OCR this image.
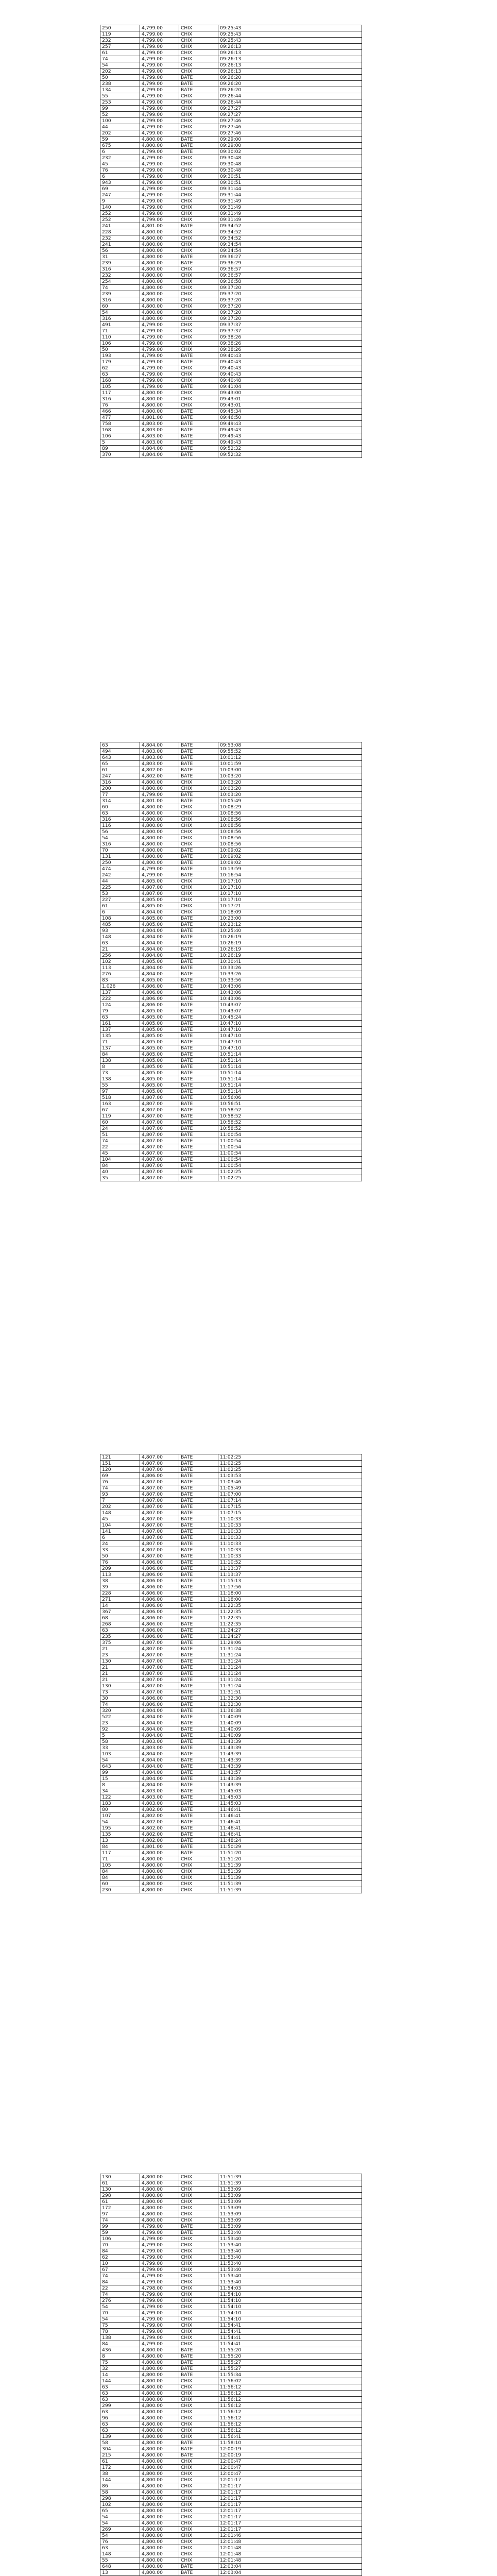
250	4,799.00	CHIX	09:25:43
119	4,799.00	CHIX	09:25:43
232	4,799.00	CHIX	09:25:43
257	4,799.00	CHIX	09:26:13
61	4,799.00	CHIX	09:26:13
74	4,799.00	CHIX	09:26:13
54	4,799.00	CHIX	09:26:13
202	4,799.00	CHIX	09:26:13
50	4,799.00	BATE	09:26:20
238	4,799.00	BATE	09:26:20
134	4,799.00	BATE	09:26:20
55	4,799.00	CHIX	09:26:44
253	4,799.00	CHIX	09:26:44
99	4,799.00	CHIX	09:27:27
52	4,799.00	CHIX	09:27:27
100	4,799.00	CHIX	09:27:46
44	4,799.00	CHIX	09:27:46
202	4,799.00	CHIX	09:27:46
59	4,800.00	BATE	09:29:00
675	4,800.00	BATE	09:29:00
6	4,799.00	BATE	09:30:02
232	4,799.00	CHIX	09:30:48
45	4,799.00	CHIX	09:30:48
76	4,799.00	CHIX	09:30:48
6	4,799.00	CHIX	09:30:51
943	4,799.00	CHIX	09:30:51
69	4,799.00	CHIX	09:31:44
247	4,799.00	CHIX	09:31:44
9	4,799.00	CHIX	09:31:49
140	4,799.00	CHIX	09:31:49
252	4,799.00	CHIX	09:31:49
252	4,799.00	CHIX	09:31:49
241	4,801.00	BATE	09:34:52
228	4,800.00	CHIX	09:34:52
232	4,800.00	CHIX	09:34:52
241	4,800.00	CHIX	09:34:54
56	4,800.00	CHIX	09:34:54
31	4,800.00	BATE	09:36:27
239	4,800.00	BATE	09:36:29
316	4,800.00	CHIX	09:36:57
232	4,800.00	CHIX	09:36:57
254	4,800.00	CHIX	09:36:58
74	4,800.00	CHIX	09:37:20
239	4,800.00	CHIX	09:37:20
316	4,800.00	CHIX	09:37:20
60	4,800.00	CHIX	09:37:20
54	4,800.00	CHIX	09:37:20
316	4,800.00	CHIX	09:37:20
491	4,799.00	CHIX	09:37:37
71	4,799.00	CHIX	09:37:37
110	4,799.00	CHIX	09:38:26
106	4,799.00	CHIX	09:38:26
50	4,799.00	CHIX	09:38:26
193	4,799.00	BATE	09:40:43
179	4,799.00	BATE	09:40:43
62	4,799.00	CHIX	09:40:43
63	4,799.00	CHIX	09:40:43
168	4,799.00	CHIX	09:40:48
105	4,799.00	BATE	09:41:04
117	4,800.00	CHIX	09:43:00
316	4,800.00	CHIX	09:43:01
76	4,800.00	CHIX	09:43:01
466	4,800.00	BATE	09:45:34
477	4,801.00	BATE	09:46:50
758	4,803.00	BATE	09:49:43
168	4,803.00	BATE	09:49:43
106	4,803.00	BATE	09:49:43
5	4,803.00	BATE	09:49:43
89	4,804.00	BATE	09:52:32
370	4,804.00	BATE	09:52:32
63	4,804.00	BATE	09:53:08
494	4,803.00	BATE	09:55:52
643	4,803.00	BATE	10:01:12
65	4,803.00	BATE	10:01:59
61	4,802.00	BATE	10:03:00
247	4,802.00	BATE	10:03:20
316	4,800.00	CHIX	10:03:20
200	4,800.00	CHIX	10:03:20
77	4,799.00	BATE	10:03:20
314	4,801.00	BATE	10:05:49
60	4,800.00	CHIX	10:08:29
63	4,800.00	CHIX	10:08:56
316	4,800.00	CHIX	10:08:56
116	4,800.00	CHIX	10:08:56
56	4,800.00	CHIX	10:08:56
54	4,800.00	CHIX	10:08:56
316	4,800.00	CHIX	10:08:56
70	4,800.00	BATE	10:09:02
131	4,800.00	BATE	10:09:02
250	4,800.00	BATE	10:09:02
474	4,799.00	BATE	10:13:59
242	4,799.00	BATE	10:16:54
44	4,805.00	CHIX	10:17:10
225	4,807.00	CHIX	10:17:10
53	4,807.00	CHIX	10:17:10
227	4,805.00	CHIX	10:17:10
61	4,805.00	CHIX	10:17:21
6	4,804.00	CHIX	10:18:09
108	4,805.00	BATE	10:23:00
485	4,805.00	BATE	10:23:12
93	4,804.00	BATE	10:25:40
148	4,804.00	BATE	10:26:19
63	4,804.00	BATE	10:26:19
21	4,804.00	BATE	10:26:19
256	4,804.00	BATE	10:26:19
102	4,805.00	BATE	10:30:41
113	4,804.00	BATE	10:33:26
276	4,804.00	BATE	10:33:26
83	4,805.00	BATE	10:33:56
1,026	4,806.00	BATE	10:43:06
137	4,806.00	BATE	10:43:06
222	4,806.00	BATE	10:43:06
124	4,806.00	BATE	10:43:07
79	4,805.00	BATE	10:43:07
63	4,805.00	BATE	10:45:24
161	4,805.00	BATE	10:47:10
137	4,805.00	BATE	10:47:10
135	4,805.00	BATE	10:47:10
71	4,805.00	BATE	10:47:10
137	4,805.00	BATE	10:47:10
84	4,805.00	BATE	10:51:14
138	4,805.00	BATE	10:51:14
8	4,805.00	BATE	10:51:14
73	4,805.00	BATE	10:51:14
138	4,805.00	BATE	10:51:14
55	4,805.00	BATE	10:51:14
97	4,805.00	BATE	10:51:14
518	4,807.00	BATE	10:56:06
163	4,807.00	BATE	10:56:51
67	4,807.00	BATE	10:58:52
119	4,807.00	BATE	10:58:52
60	4,807.00	BATE	10:58:52
24	4,807.00	BATE	10:58:52
51	4,807.00	BATE	11:00:54
74	4,807.00	BATE	11:00:54
22	4,807.00	BATE	11:00:54
45	4,807.00	BATE	11:00:54
104	4,807.00	BATE	11:00:54
84	4,807.00	BATE	11:00:54
40	4,807.00	BATE	11:02:25
35	4,807.00	BATE	11:02:25
121	4,807.00	BATE	11:02:25
151	4,807.00	BATE	11:02:25
120	4,807.00	BATE	11:02:25
69	4,806.00	BATE	11:03:53
76	4,807.00	BATE	11:03:46
74	4,807.00	BATE	11:05:49
93	4,807.00	BATE	11:07:00
7	4,807.00	BATE	11:07:14
202	4,807.00	BATE	11:07:15
148	4,807.00	BATE	11:07:15
45	4,807.00	BATE	11:10:33
104	4,807.00	BATE	11:10:33
141	4,807.00	BATE	11:10:33
6	4,807.00	BATE	11:10:33
24	4,807.00	BATE	11:10:33
33	4,807.00	BATE	11:10:33
50	4,807.00	BATE	11:10:33
76	4,806.00	BATE	11:10:52
209	4,806.00	BATE	11:13:37
113	4,806.00	BATE	11:13:37
38	4,806.00	BATE	11:15:13
39	4,806.00	BATE	11:17:56
228	4,806.00	BATE	11:18:00
271	4,806.00	BATE	11:18:00
14	4,806.00	BATE	11:22:35
367	4,806.00	BATE	11:22:35
68	4,806.00	BATE	11:22:35
268	4,806.00	BATE	11:22:35
63	4,806.00	BATE	11:24:27
235	4,806.00	BATE	11:24:27
375	4,807.00	BATE	11:29:06
21	4,807.00	BATE	11:31:24
23	4,807.00	BATE	11:31:24
130	4,807.00	BATE	11:31:24
21	4,807.00	BATE	11:31:24
21	4,807.00	BATE	11:31:24
21	4,807.00	BATE	11:31:24
130	4,807.00	BATE	11:31:24
73	4,807.00	BATE	11:31:51
30	4,806.00	BATE	11:32:30
74	4,806.00	BATE	11:32:30
320	4,804.00	BATE	11:36:38
522	4,804.00	BATE	11:40:09
23	4,804.00	BATE	11:40:09
92	4,804.00	BATE	11:40:09
5	4,804.00	BATE	11:40:09
58	4,803.00	BATE	11:43:39
33	4,803.00	BATE	11:43:39
103	4,804.00	BATE	11:43:39
54	4,804.00	BATE	11:43:39
643	4,804.00	BATE	11:43:39
99	4,804.00	BATE	11:43:57
15	4,804.00	BATE	11:43:39
8	4,804.00	BATE	11:43:39
34	4,803.00	BATE	11:45:03
122	4,803.00	BATE	11:45:03
183	4,803.00	BATE	11:45:03
80	4,802.00	BATE	11:46:41
107	4,802.00	BATE	11:46:41
54	4,802.00	BATE	11:46:41
195	4,802.00	BATE	11:46:41
135	4,802.00	BATE	11:46:41
13	4,802.00	BATE	11:48:24
84	4,801.00	BATE	11:50:29
117	4,800.00	BATE	11:51:20
71	4,800.00	CHIX	11:51:20
105	4,800.00	CHIX	11:51:39
84	4,800.00	CHIX	11:51:39
84	4,800.00	CHIX	11:51:39
60	4,800.00	CHIX	11:51:39
230	4,800.00	CHIX	11:51:39
130	4,800.00	CHIX	11:51:39
61	4,800.00	CHIX	11:51:39
130	4,800.00	CHIX	11:53:09
298	4,800.00	CHIX	11:53:09
61	4,800.00	CHIX	11:53:09
172	4,800.00	CHIX	11:53:09
97	4,800.00	CHIX	11:53:09
74	4,800.00	CHIX	11:53:09
99	4,799.00	BATE	11:53:09
59	4,799.00	BATE	11:53:40
106	4,799.00	CHIX	11:53:40
70	4,799.00	CHIX	11:53:40
84	4,799.00	CHIX	11:53:40
62	4,799.00	CHIX	11:53:40
10	4,799.00	CHIX	11:53:40
67	4,799.00	CHIX	11:53:40
74	4,799.00	CHIX	11:53:40
84	4,799.00	CHIX	11:53:40
22	4,798.00	CHIX	11:54:03
74	4,799.00	CHIX	11:54:10
276	4,799.00	CHIX	11:54:10
54	4,799.00	CHIX	11:54:10
70	4,799.00	CHIX	11:54:10
54	4,799.00	CHIX	11:54:10
75	4,799.00	CHIX	11:54:41
78	4,799.00	CHIX	11:54:41
138	4,799.00	CHIX	11:54:41
84	4,799.00	CHIX	11:54:41
436	4,800.00	BATE	11:55:20
8	4,800.00	BATE	11:55:20
75	4,800.00	BATE	11:55:27
32	4,800.00	BATE	11:55:27
14	4,800.00	BATE	11:55:34
144	4,800.00	CHIX	11:56:02
63	4,800.00	CHIX	11:56:12
63	4,800.00	CHIX	11:56:12
63	4,800.00	CHIX	11:56:12
299	4,800.00	CHIX	11:56:12
63	4,800.00	CHIX	11:56:12
96	4,800.00	CHIX	11:56:12
63	4,800.00	CHIX	11:56:12
63	4,800.00	CHIX	11:56:12
139	4,800.00	CHIX	11:56:41
58	4,800.00	BATE	11:58:10
304	4,800.00	BATE	12:00:19
215	4,800.00	BATE	12:00:19
61	4,800.00	CHIX	12:00:47
172	4,800.00	CHIX	12:00:47
38	4,800.00	CHIX	12:00:47
144	4,800.00	CHIX	12:01:17
86	4,800.00	CHIX	12:01:17
58	4,800.00	CHIX	12:01:17
298	4,800.00	CHIX	12:01:17
102	4,800.00	CHIX	12:01:17
65	4,800.00	CHIX	12:01:17
54	4,800.00	CHIX	12:01:17
54	4,800.00	CHIX	12:01:17
269	4,800.00	CHIX	12:01:17
54	4,800.00	CHIX	12:01:46
76	4,800.00	CHIX	12:01:48
63	4,800.00	CHIX	12:01:48
148	4,800.00	CHIX	12:01:48
55	4,800.00	CHIX	12:01:48
648	4,800.00	BATE	12:03:04
13	4,800.00	BATE	12:03:04
